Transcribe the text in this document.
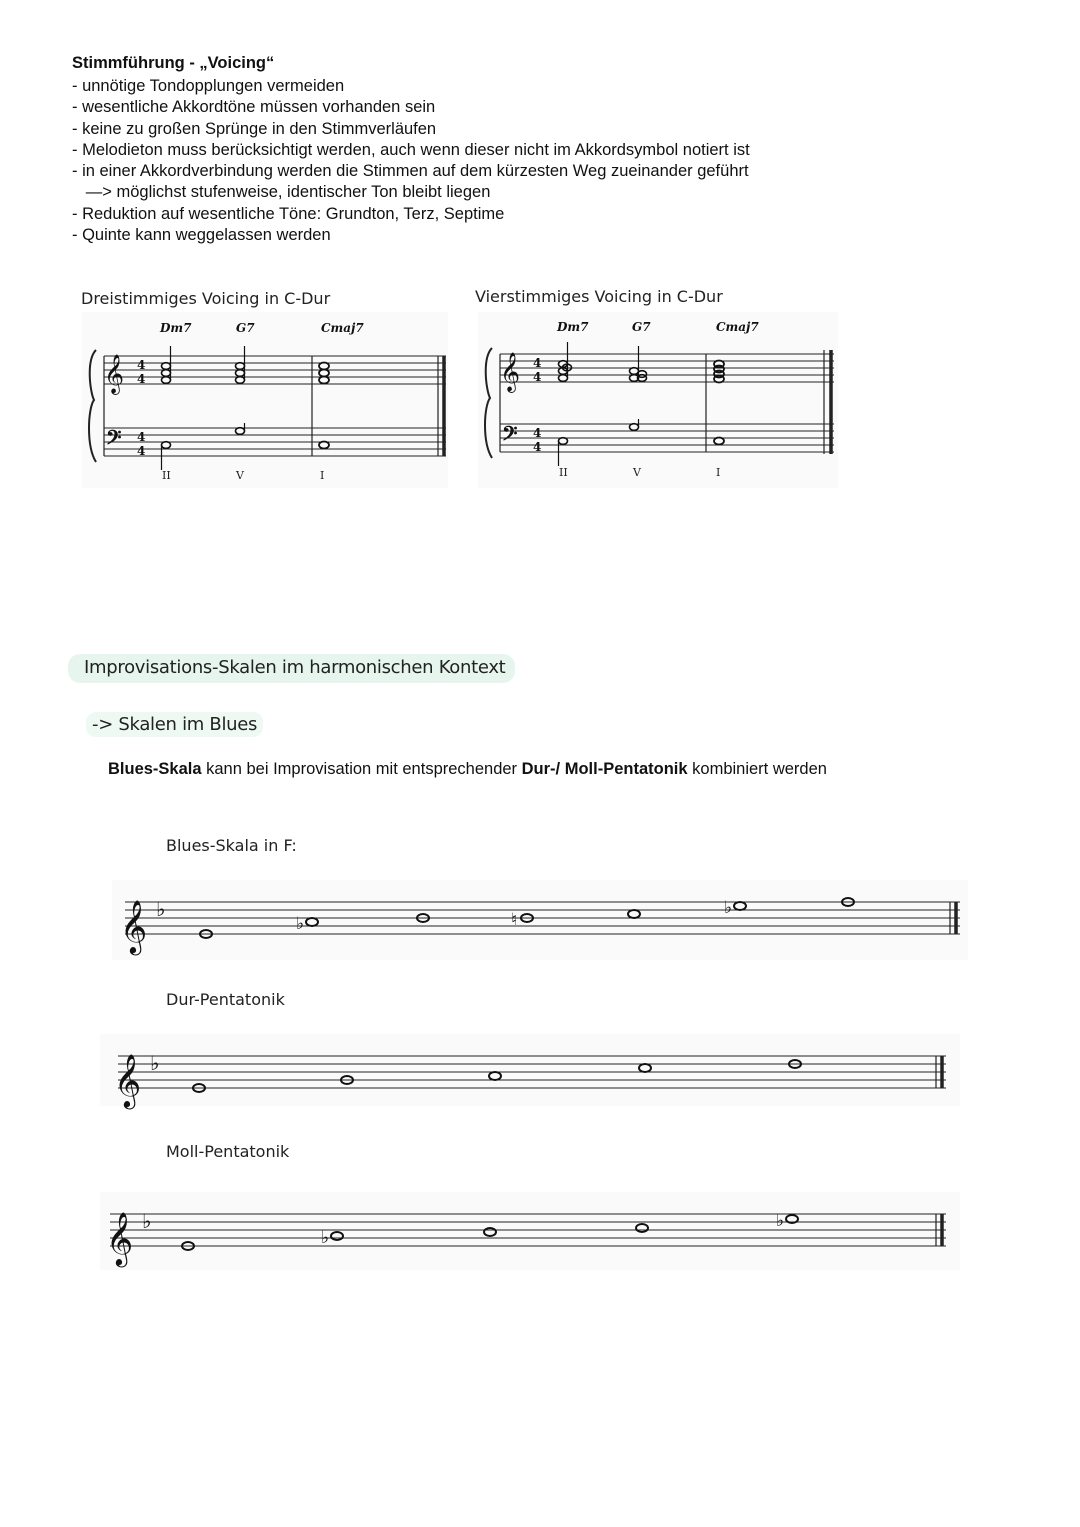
Stimmführung - „Voicing“
- unnötige Tondopplungen vermeiden
- wesentliche Akkordtöne müssen vorhanden sein
- keine zu großen Sprünge in den Stimmverläufen
- Melodieton muss berücksichtigt werden, auch wenn dieser nicht im Akkordsymbol notiert ist
- in einer Akkordverbindung werden die Stimmen auf dem kürzesten Weg zueinander geführt
—> möglichst stufenweise, identischer Ton bleibt liegen
- Reduktion auf wesentliche Töne: Grundton, Terz, Septime
- Quinte kann weggelassen werden
Dreistimmiges Voicing in C-Dur	Vierstimmiges Voicing in C-Dur
Dm7	G7	Cmaj7
𝄞
𝄢
4
4
4
4
II	V	I
Dm7	G7	Cmaj7
𝄞
𝄢
4
4
4
4
II	V	I
Improvisations-Skalen im harmonischen Kontext
-> Skalen im Blues
Blues-Skala kann bei Improvisation mit entsprechender Dur-/ Moll-Pentatonik kombiniert werden
Blues-Skala in F:
Dur-Pentatonik
Moll-Pentatonik
𝄞 ♭
♭	♮
♭
𝄞 ♭
𝄞 ♭
♭
♭
